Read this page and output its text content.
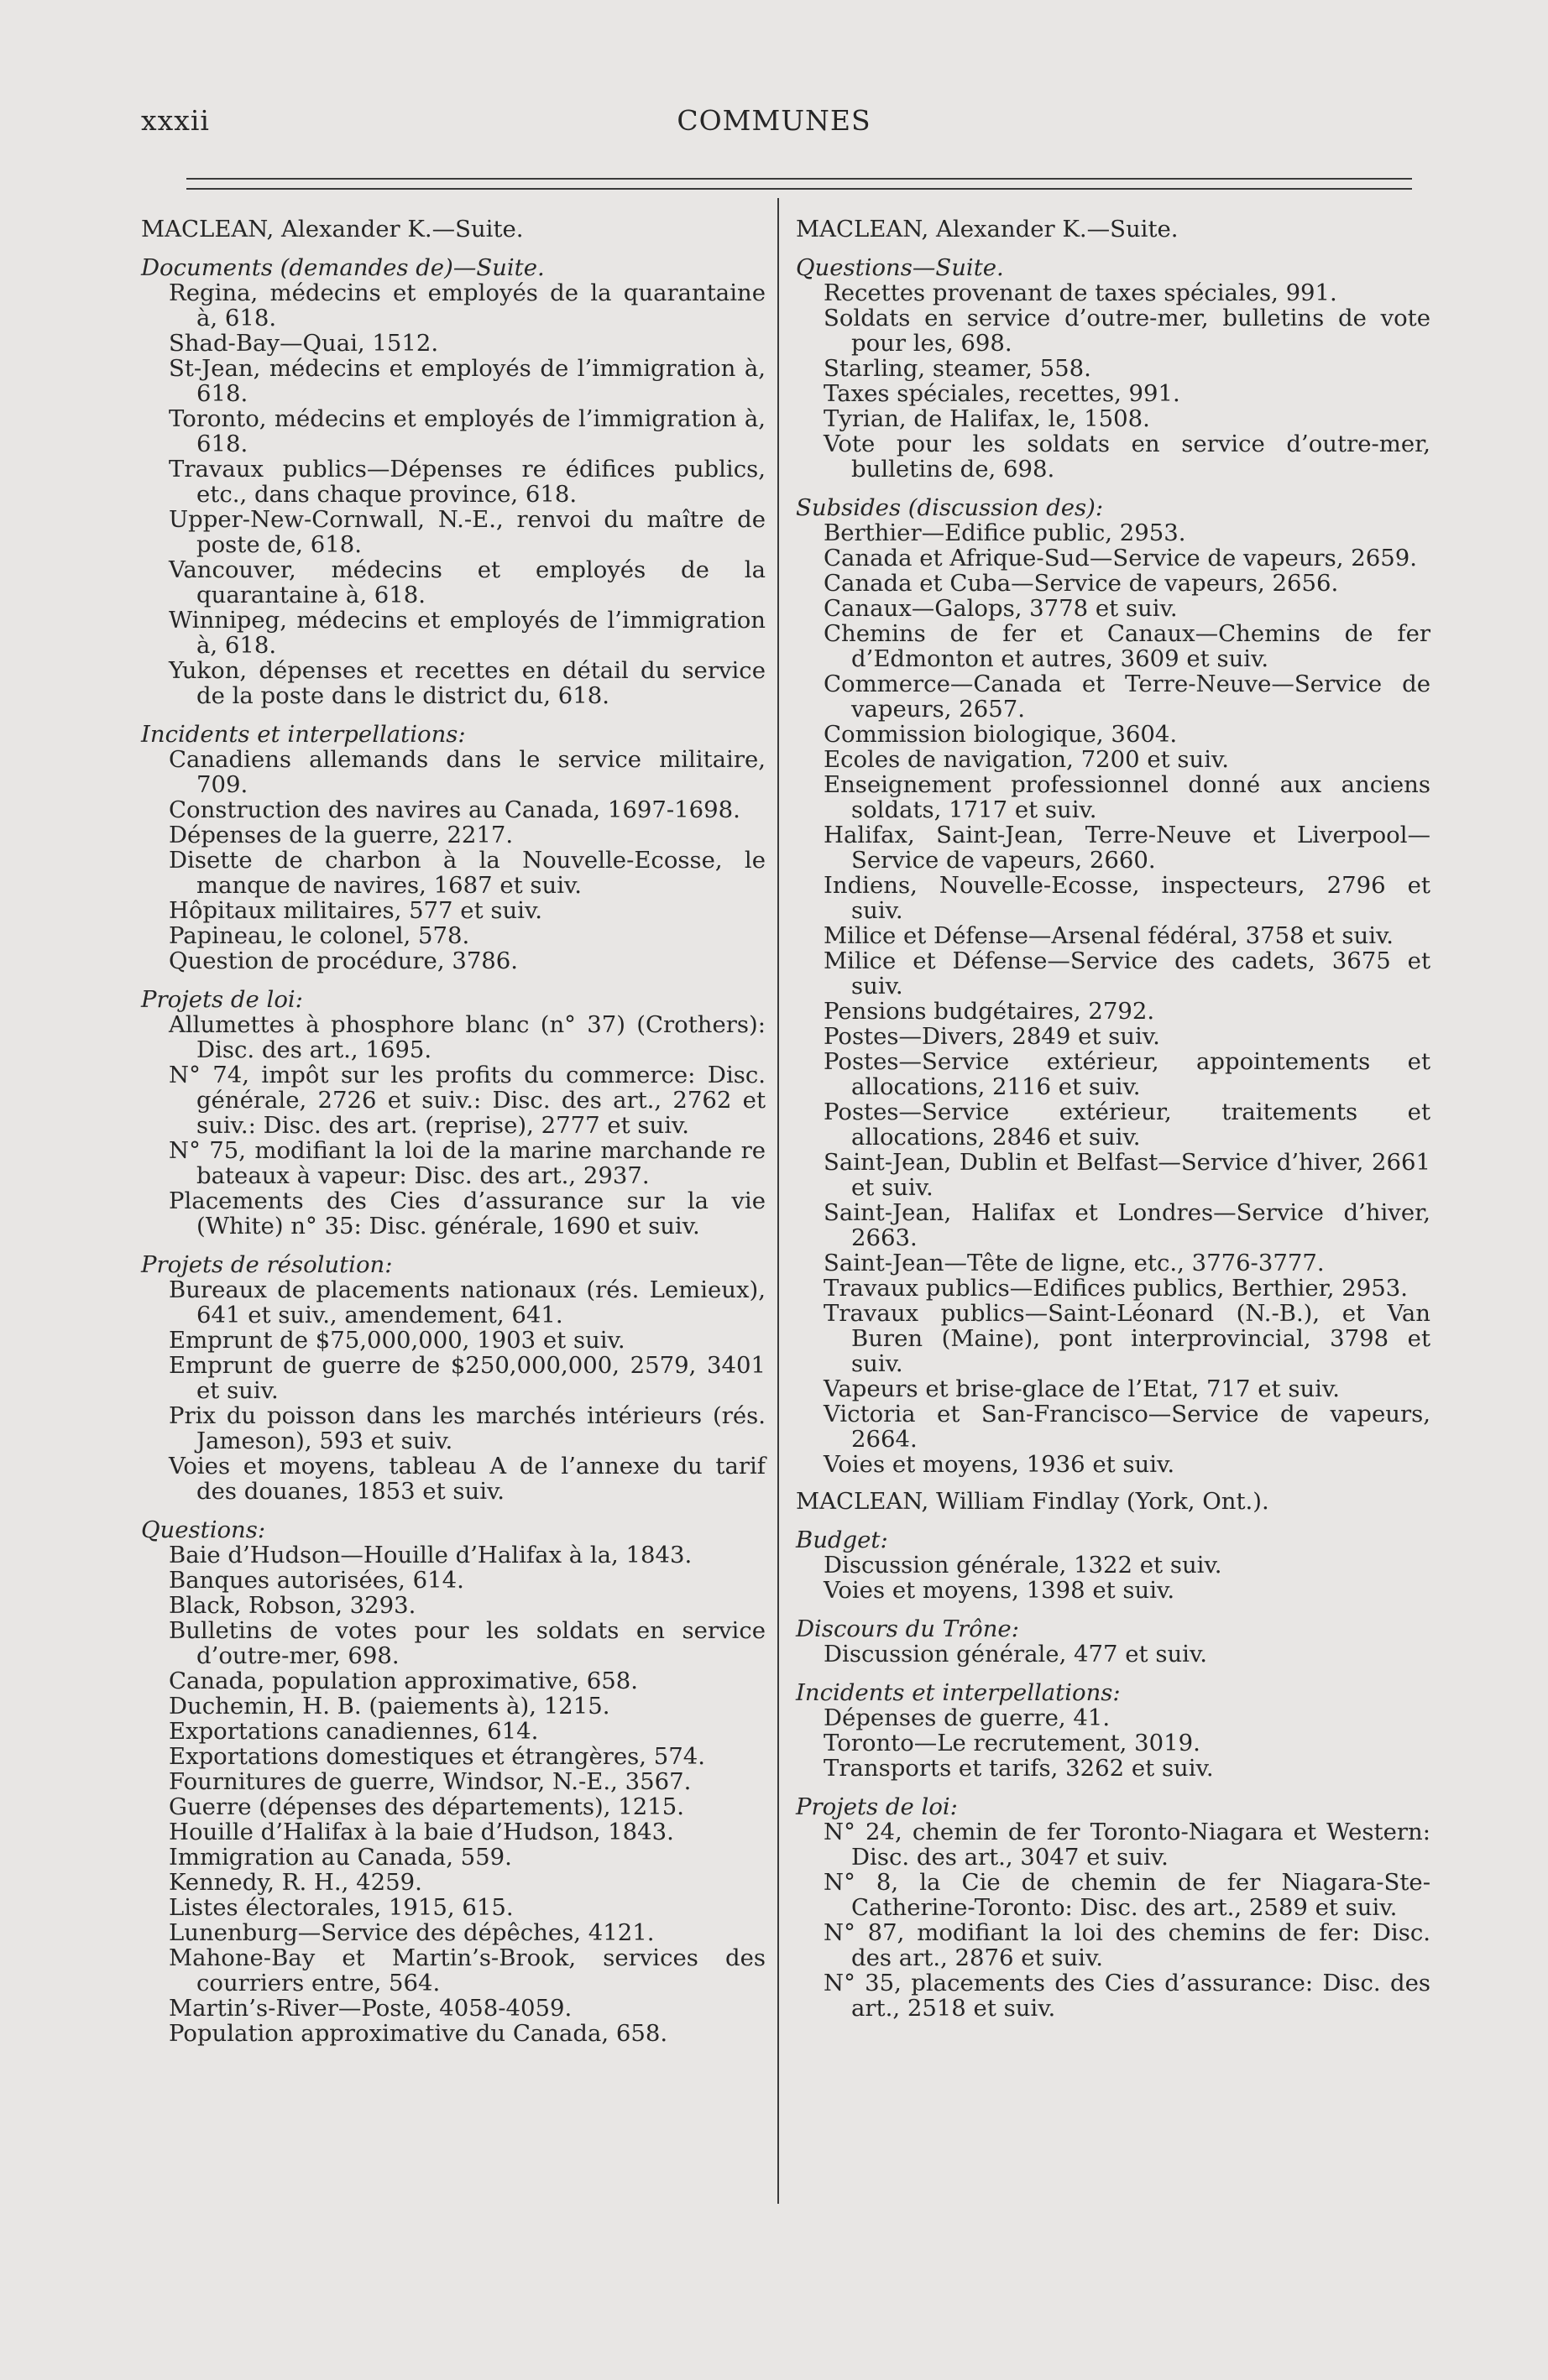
COMMUNES
xxxii
MACLEAN, Alexander K.—Suite.
Documents (demandes de)—Suite.
Regina, médecins et employés de la quarantaine à, 618.
Shad-Bay—Quai, 1512.
St-Jean, médecins et employés de l’immigration à, 618.
Toronto, médecins et employés de l’immigration à, 618.
Travaux publics—Dépenses re édifices publics, etc., dans chaque province, 618.
Upper-New-Cornwall, N.-E., renvoi du maître de poste de, 618.
Vancouver, médecins et employés de la quarantaine à, 618.
Winnipeg, médecins et employés de l’immigration à, 618.
Yukon, dépenses et recettes en détail du service de la poste dans le district du, 618.
Incidents et interpellations:
Canadiens allemands dans le service militaire, 709.
Construction des navires au Canada, 1697-1698.
Dépenses de la guerre, 2217.
Disette de charbon à la Nouvelle-Ecosse, le manque de navires, 1687 et suiv.
Hôpitaux militaires, 577 et suiv.
Papineau, le colonel, 578.
Question de procédure, 3786.
Projets de loi:
Allumettes à phosphore blanc (n° 37) (Crothers): Disc. des art., 1695.
N° 74, impôt sur les profits du commerce: Disc. générale, 2726 et suiv.: Disc. des art., 2762 et suiv.: Disc. des art. (reprise), 2777 et suiv.
N° 75, modifiant la loi de la marine marchande re bateaux à vapeur: Disc. des art., 2937.
Placements des Cies d’assurance sur la vie (White) n° 35: Disc. générale, 1690 et suiv.
Projets de résolution:
Bureaux de placements nationaux (rés. Lemieux), 641 et suiv., amendement, 641.
Emprunt de $75,000,000, 1903 et suiv.
Emprunt de guerre de $250,000,000, 2579, 3401 et suiv.
Prix du poisson dans les marchés intérieurs (rés. Jameson), 593 et suiv.
Voies et moyens, tableau A de l’annexe du tarif des douanes, 1853 et suiv.
Questions:
Baie d’Hudson—Houille d’Halifax à la, 1843.
Banques autorisées, 614.
Black, Robson, 3293.
Bulletins de votes pour les soldats en service d’outre-mer, 698.
Canada, population approximative, 658.
Duchemin, H. B. (paiements à), 1215.
Exportations canadiennes, 614.
Exportations domestiques et étrangères, 574.
Fournitures de guerre, Windsor, N.-E., 3567.
Guerre (dépenses des départements), 1215.
Houille d’Halifax à la baie d’Hudson, 1843.
Immigration au Canada, 559.
Kennedy, R. H., 4259.
Listes électorales, 1915, 615.
Lunenburg—Service des dépêches, 4121.
Mahone-Bay et Martin’s-Brook, services des courriers entre, 564.
Martin’s-River—Poste, 4058-4059.
Population approximative du Canada, 658.
MACLEAN, Alexander K.—Suite.
Questions—Suite.
Recettes provenant de taxes spéciales, 991.
Soldats en service d’outre-mer, bulletins de vote pour les, 698.
Starling, steamer, 558.
Taxes spéciales, recettes, 991.
Tyrian, de Halifax, le, 1508.
Vote pour les soldats en service d’outre-mer, bulletins de, 698.
Subsides (discussion des):
Berthier—Edifice public, 2953.
Canada et Afrique-Sud—Service de vapeurs, 2659.
Canada et Cuba—Service de vapeurs, 2656.
Canaux—Galops, 3778 et suiv.
Chemins de fer et Canaux—Chemins de fer d’Edmonton et autres, 3609 et suiv.
Commerce—Canada et Terre-Neuve—Service de vapeurs, 2657.
Commission biologique, 3604.
Ecoles de navigation, 7200 et suiv.
Enseignement professionnel donné aux anciens soldats, 1717 et suiv.
Halifax, Saint-Jean, Terre-Neuve et Liverpool—Service de vapeurs, 2660.
Indiens, Nouvelle-Ecosse, inspecteurs, 2796 et suiv.
Milice et Défense—Arsenal fédéral, 3758 et suiv.
Milice et Défense—Service des cadets, 3675 et suiv.
Pensions budgétaires, 2792.
Postes—Divers, 2849 et suiv.
Postes—Service extérieur, appointements et allocations, 2116 et suiv.
Postes—Service extérieur, traitements et allocations, 2846 et suiv.
Saint-Jean, Dublin et Belfast—Service d’hiver, 2661 et suiv.
Saint-Jean, Halifax et Londres—Service d’hiver, 2663.
Saint-Jean—Tête de ligne, etc., 3776-3777.
Travaux publics—Edifices publics, Berthier, 2953.
Travaux publics—Saint-Léonard (N.-B.), et Van Buren (Maine), pont interprovincial, 3798 et suiv.
Vapeurs et brise-glace de l’Etat, 717 et suiv.
Victoria et San-Francisco—Service de vapeurs, 2664.
Voies et moyens, 1936 et suiv.
MACLEAN, William Findlay (York, Ont.).
Budget:
Discussion générale, 1322 et suiv.
Voies et moyens, 1398 et suiv.
Discours du Trône:
Discussion générale, 477 et suiv.
Incidents et interpellations:
Dépenses de guerre, 41.
Toronto—Le recrutement, 3019.
Transports et tarifs, 3262 et suiv.
Projets de loi:
N° 24, chemin de fer Toronto-Niagara et Western: Disc. des art., 3047 et suiv.
N° 8, la Cie de chemin de fer Niagara-Ste-Catherine-Toronto: Disc. des art., 2589 et suiv.
N° 87, modifiant la loi des chemins de fer: Disc. des art., 2876 et suiv.
N° 35, placements des Cies d’assurance: Disc. des art., 2518 et suiv.
